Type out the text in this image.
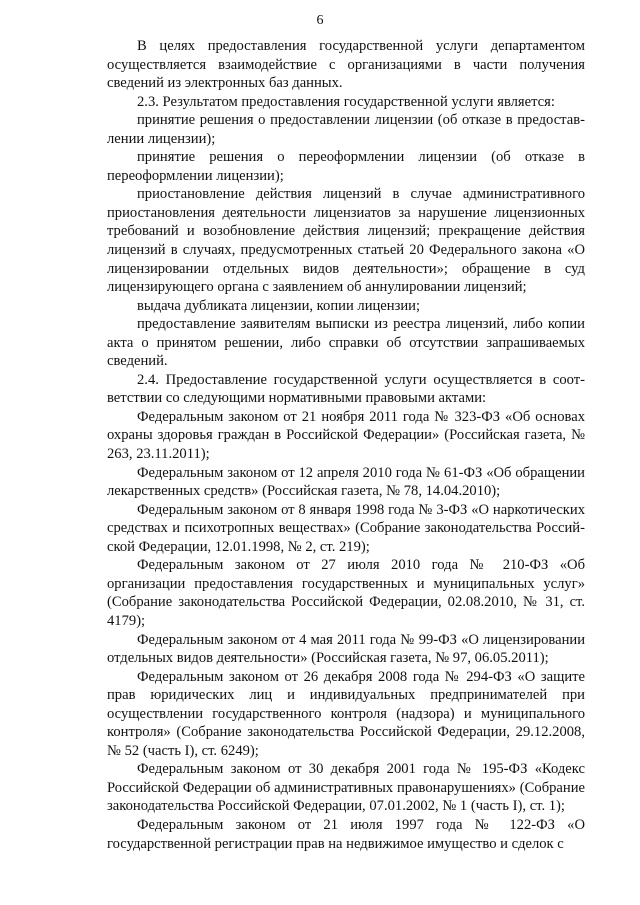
6

В целях предоставления государственной услуги департаментом осуществляется взаимодействие с организациями в части получения сведений из электронных баз данных.

2.3. Результатом предоставления государственной услуги является:

принятие решения о предоставлении лицензии (об отказе в предоставлении лицензии);

принятие решения о переоформлении лицензии (об отказе в переоформлении лицензии);

приостановление действия лицензий в случае административного приостановления деятельности лицензиатов за нарушение лицензионных требований и возобновление действия лицензий; прекращение действия лицензий в случаях, предусмотренных статьей 20 Федерального закона «О лицензировании отдельных видов деятельности»; обращение в суд лицензирующего органа с заявлением об аннулировании лицензий;

выдача дубликата лицензии, копии лицензии;

предоставление заявителям выписки из реестра лицензий, либо копии акта о принятом решении, либо справки об отсутствии запрашиваемых сведений.

2.4. Предоставление государственной услуги осуществляется в соответствии со следующими нормативными правовыми актами:

Федеральным законом от 21 ноября 2011 года № 323-ФЗ «Об основах охраны здоровья граждан в Российской Федерации» (Российская газета, № 263, 23.11.2011);

Федеральным законом от 12 апреля 2010 года № 61-ФЗ «Об обращении лекарственных средств» (Российская газета, № 78, 14.04.2010);

Федеральным законом от 8 января 1998 года № 3-ФЗ «О наркотических средствах и психотропных веществах» (Собрание законодательства Российской Федерации, 12.01.1998, № 2, ст. 219);

Федеральным законом от 27 июля 2010 года № 210-ФЗ «Об организации предоставления государственных и муниципальных услуг» (Собрание законодательства Российской Федерации, 02.08.2010, № 31, ст. 4179);

Федеральным законом от 4 мая 2011 года № 99-ФЗ «О лицензировании отдельных видов деятельности» (Российская газета, № 97, 06.05.2011);

Федеральным законом от 26 декабря 2008 года № 294-ФЗ «О защите прав юридических лиц и индивидуальных предпринимателей при осуществлении государственного контроля (надзора) и муниципального контроля» (Собрание законодательства Российской Федерации, 29.12.2008, № 52 (часть I), ст. 6249);

Федеральным законом от 30 декабря 2001 года № 195-ФЗ «Кодекс Российской Федерации об административных правонарушениях» (Собрание законодательства Российской Федерации, 07.01.2002, № 1 (часть I), ст. 1);

Федеральным законом от 21 июля 1997 года № 122-ФЗ «О государственной регистрации прав на недвижимое имущество и сделок с
